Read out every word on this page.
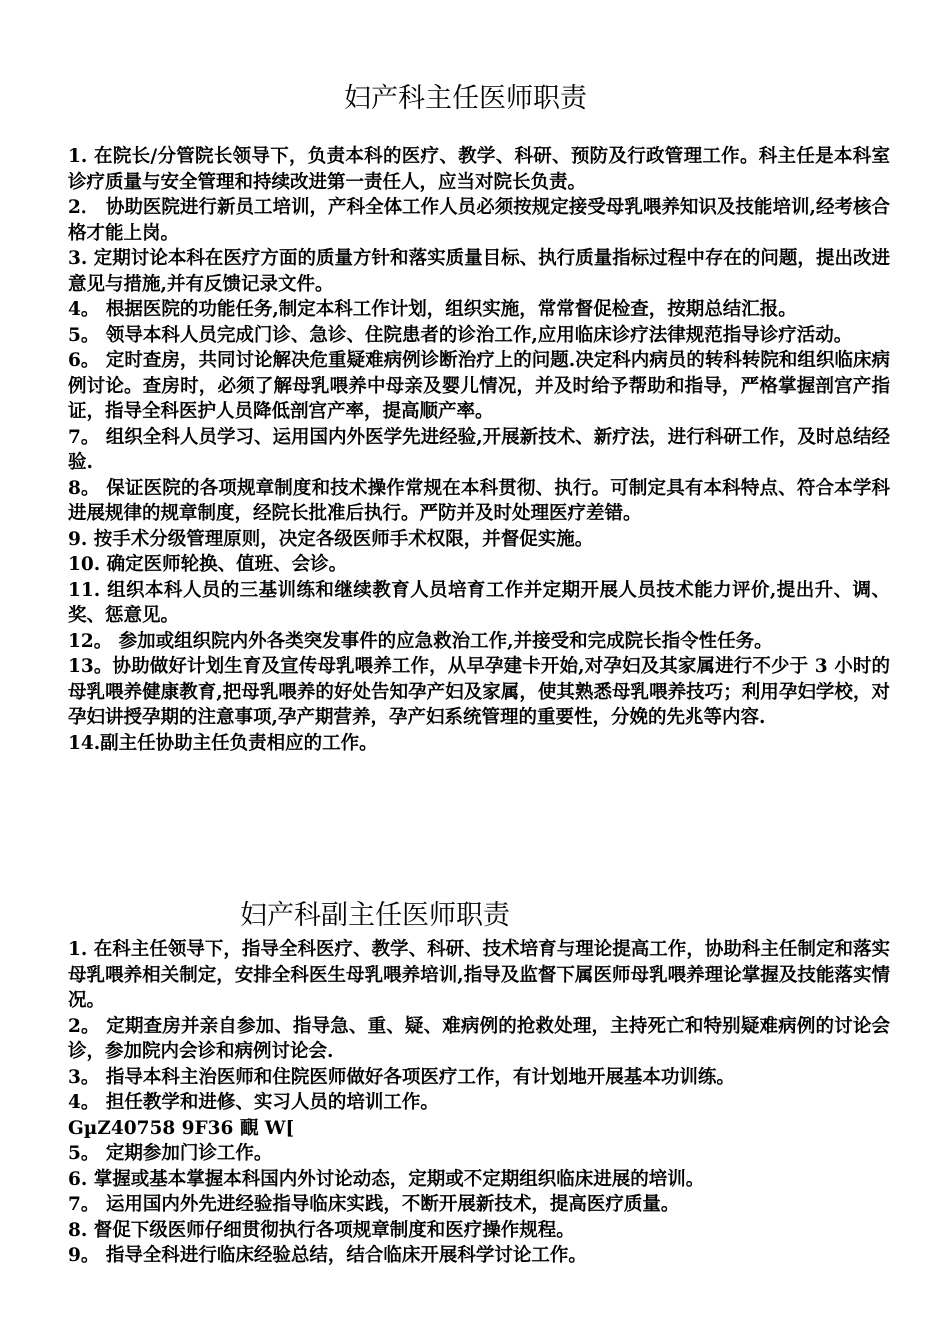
妇产科主任医师职责

1. 在院长/分管院长领导下，负责本科的医疗、教学、科研、预防及行政管理工作。科主任是本科室诊疗质量与安全管理和持续改进第一责任人，应当对院长负责。

2． 协助医院进行新员工培训，产科全体工作人员必须按规定接受母乳喂养知识及技能培训,经考核合格才能上岗。

3. 定期讨论本科在医疗方面的质量方针和落实质量目标、执行质量指标过程中存在的问题，提出改进意见与措施,并有反馈记录文件。

4。 根据医院的功能任务,制定本科工作计划，组织实施，常常督促检查，按期总结汇报。

5。 领导本科人员完成门诊、急诊、住院患者的诊治工作,应用临床诊疗法律规范指导诊疗活动。

6。 定时查房，共同讨论解决危重疑难病例诊断治疗上的问题.决定科内病员的转科转院和组织临床病例讨论。查房时，必须了解母乳喂养中母亲及婴儿情况，并及时给予帮助和指导，严格掌握剖宫产指证，指导全科医护人员降低剖宫产率，提高顺产率。

7。 组织全科人员学习、运用国内外医学先进经验,开展新技术、新疗法，进行科研工作，及时总结经验.

8。 保证医院的各项规章制度和技术操作常规在本科贯彻、执行。可制定具有本科特点、符合本学科进展规律的规章制度，经院长批准后执行。严防并及时处理医疗差错。

9. 按手术分级管理原则，决定各级医师手术权限，并督促实施。

10. 确定医师轮换、值班、会诊。

11. 组织本科人员的三基训练和继续教育人员培育工作并定期开展人员技术能力评价,提出升、调、奖、惩意见。

12。 参加或组织院内外各类突发事件的应急救治工作,并接受和完成院长指令性任务。

13。协助做好计划生育及宣传母乳喂养工作，从早孕建卡开始,对孕妇及其家属进行不少于 3 小时的母乳喂养健康教育,把母乳喂养的好处告知孕产妇及家属，使其熟悉母乳喂养技巧；利用孕妇学校，对孕妇讲授孕期的注意事项,孕产期营养，孕产妇系统管理的重要性，分娩的先兆等内容.

14.副主任协助主任负责相应的工作。

妇产科副主任医师职责

1. 在科主任领导下，指导全科医疗、教学、科研、技术培育与理论提高工作，协助科主任制定和落实母乳喂养相关制定，安排全科医生母乳喂养培训,指导及监督下属医师母乳喂养理论掌握及技能落实情况。

2。 定期查房并亲自参加、指导急、重、疑、难病例的抢救处理，主持死亡和特别疑难病例的讨论会诊，参加院内会诊和病例讨论会.

3。 指导本科主治医师和住院医师做好各项医疗工作，有计划地开展基本功训练。

4。 担任教学和进修、实习人员的培训工作。

GµZ40758 9F36 靦 W[

5。 定期参加门诊工作。

6. 掌握或基本掌握本科国内外讨论动态，定期或不定期组织临床进展的培训。

7。 运用国内外先进经验指导临床实践，不断开展新技术，提高医疗质量。

8. 督促下级医师仔细贯彻执行各项规章制度和医疗操作规程。

9。 指导全科进行临床经验总结，结合临床开展科学讨论工作。
